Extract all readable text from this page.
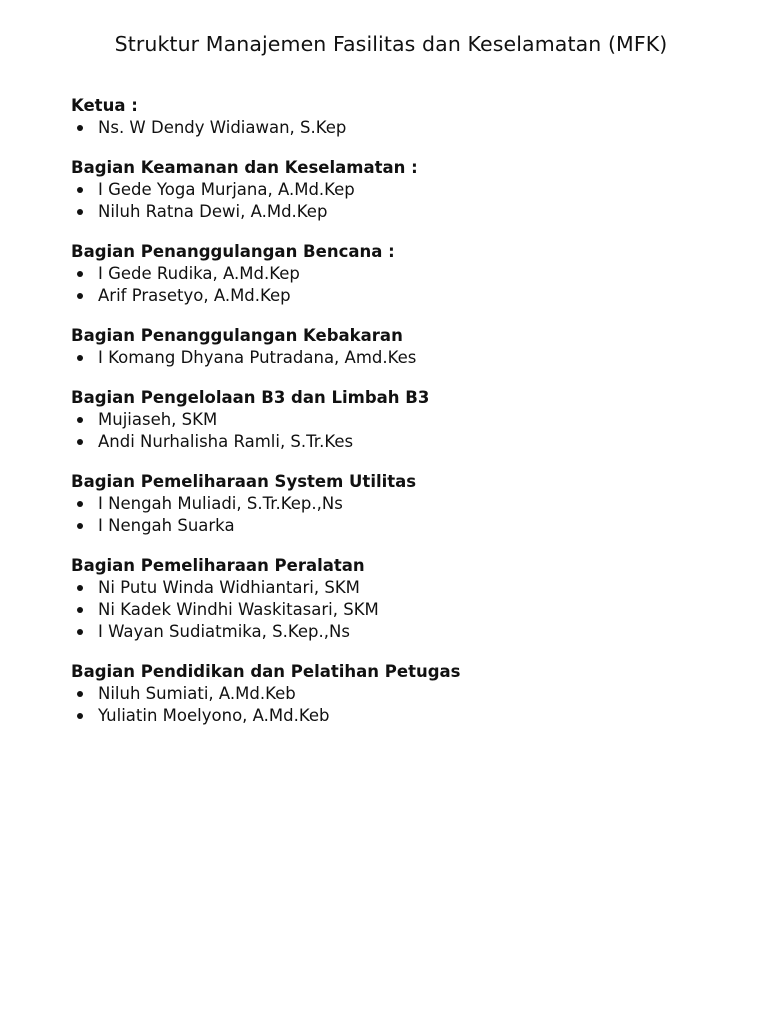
Struktur Manajemen Fasilitas dan Keselamatan (MFK)
Ketua :
Ns. W Dendy Widiawan, S.Kep
Bagian Keamanan dan Keselamatan :
I Gede Yoga Murjana, A.Md.Kep
Niluh Ratna Dewi, A.Md.Kep
Bagian Penanggulangan Bencana :
I Gede Rudika, A.Md.Kep
Arif Prasetyo, A.Md.Kep
Bagian Penanggulangan Kebakaran
I Komang Dhyana Putradana, Amd.Kes
Bagian Pengelolaan B3 dan Limbah B3
Mujiaseh, SKM
Andi Nurhalisha Ramli, S.Tr.Kes
Bagian Pemeliharaan System Utilitas
I Nengah Muliadi, S.Tr.Kep.,Ns
I Nengah Suarka
Bagian Pemeliharaan Peralatan
Ni Putu Winda Widhiantari, SKM
Ni Kadek Windhi Waskitasari, SKM
I Wayan Sudiatmika, S.Kep.,Ns
Bagian Pendidikan dan Pelatihan Petugas
Niluh Sumiati, A.Md.Keb
Yuliatin Moelyono, A.Md.Keb
